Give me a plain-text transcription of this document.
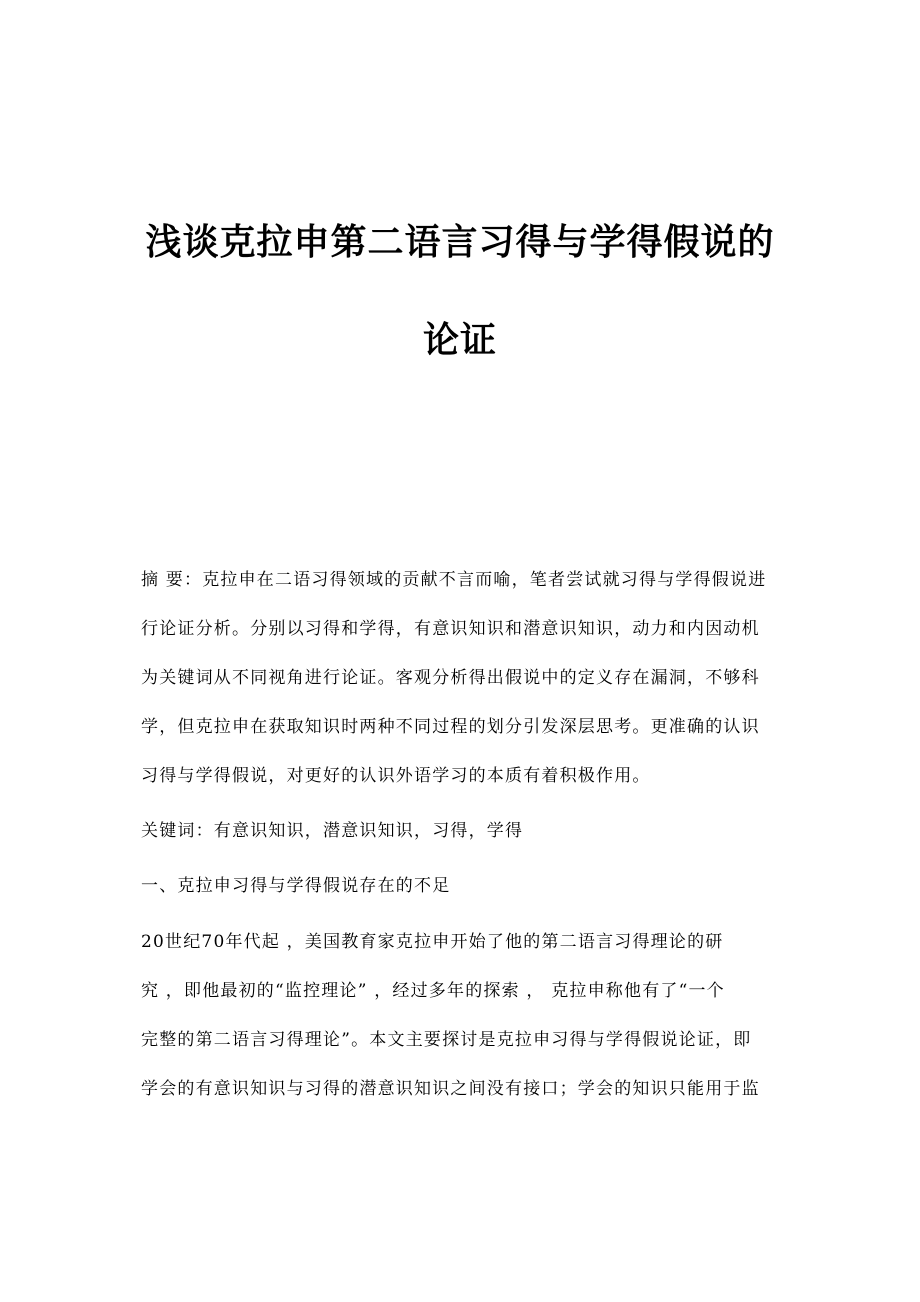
浅谈克拉申第二语言习得与学得假说的
论证
摘 要：克拉申在二语习得领域的贡献不言而喻，笔者尝试就习得与学得假说进
行论证分析。分别以习得和学得，有意识知识和潜意识知识，动力和内因动机
为关键词从不同视角进行论证。客观分析得出假说中的定义存在漏洞，不够科
学，但克拉申在获取知识时两种不同过程的划分引发深层思考。更准确的认识
习得与学得假说，对更好的认识外语学习的本质有着积极作用。
关键词：有意识知识，潜意识知识，习得，学得
一、克拉申习得与学得假说存在的不足
20世纪70年代起 ，美国教育家克拉申开始了他的第二语言习得理论的研
究 ，即他最初的“监控理论” ，经过多年的探索 ， 克拉申称他有了“一个
完整的第二语言习得理论”。本文主要探讨是克拉申习得与学得假说论证，即
学会的有意识知识与习得的潜意识知识之间没有接口；学会的知识只能用于监
